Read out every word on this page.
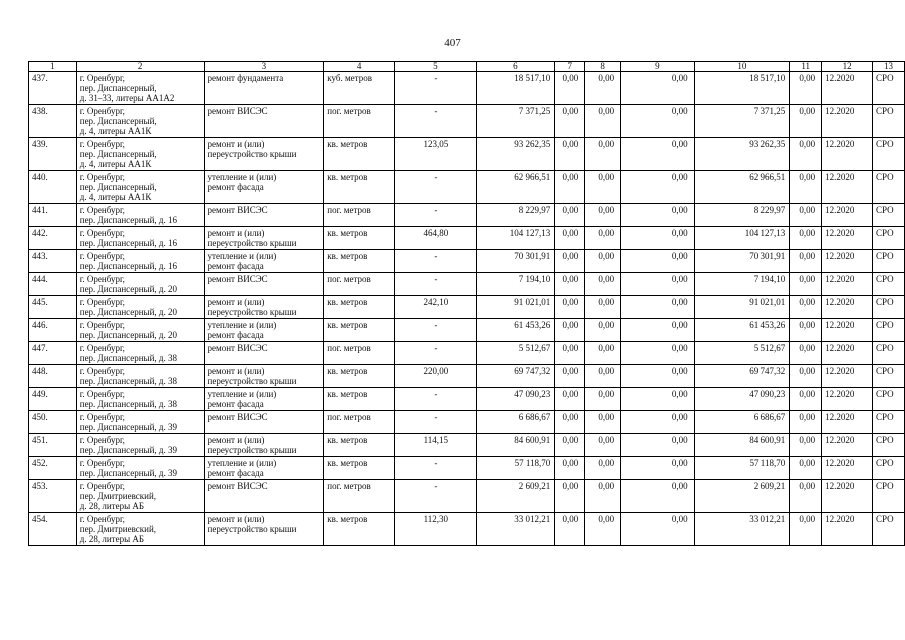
407
1	2	3	4	5	6	7	8	9	10	11	12	13
437.	г. Оренбург,
пер. Диспансерный,
д. 31–33, литеры АА1А2	ремонт фундамента	куб. метров	-	18 517,10	0,00	0,00	0,00	18 517,10	0,00	12.2020	СРО
438.	г. Оренбург,
пер. Диспансерный,
д. 4, литеры АА1К	ремонт ВИСЭС	пог. метров	-	7 371,25	0,00	0,00	0,00	7 371,25	0,00	12.2020	СРО
439.	г. Оренбург,
пер. Диспансерный,
д. 4, литеры АА1К	ремонт и (или)
переустройство крыши	кв. метров	123,05	93 262,35	0,00	0,00	0,00	93 262,35	0,00	12.2020	СРО
440.	г. Оренбург,
пер. Диспансерный,
д. 4, литеры АА1К	утепление и (или)
ремонт фасада	кв. метров	-	62 966,51	0,00	0,00	0,00	62 966,51	0,00	12.2020	СРО
441.	г. Оренбург,
пер. Диспансерный, д. 16	ремонт ВИСЭС	пог. метров	-	8 229,97	0,00	0,00	0,00	8 229,97	0,00	12.2020	СРО
442.	г. Оренбург,
пер. Диспансерный, д. 16	ремонт и (или)
переустройство крыши	кв. метров	464,80	104 127,13	0,00	0,00	0,00	104 127,13	0,00	12.2020	СРО
443.	г. Оренбург,
пер. Диспансерный, д. 16	утепление и (или)
ремонт фасада	кв. метров	-	70 301,91	0,00	0,00	0,00	70 301,91	0,00	12.2020	СРО
444.	г. Оренбург,
пер. Диспансерный, д. 20	ремонт ВИСЭС	пог. метров	-	7 194,10	0,00	0,00	0,00	7 194,10	0,00	12.2020	СРО
445.	г. Оренбург,
пер. Диспансерный, д. 20	ремонт и (или)
переустройство крыши	кв. метров	242,10	91 021,01	0,00	0,00	0,00	91 021,01	0,00	12.2020	СРО
446.	г. Оренбург,
пер. Диспансерный, д. 20	утепление и (или)
ремонт фасада	кв. метров	-	61 453,26	0,00	0,00	0,00	61 453,26	0,00	12.2020	СРО
447.	г. Оренбург,
пер. Диспансерный, д. 38	ремонт ВИСЭС	пог. метров	-	5 512,67	0,00	0,00	0,00	5 512,67	0,00	12.2020	СРО
448.	г. Оренбург,
пер. Диспансерный, д. 38	ремонт и (или)
переустройство крыши	кв. метров	220,00	69 747,32	0,00	0,00	0,00	69 747,32	0,00	12.2020	СРО
449.	г. Оренбург,
пер. Диспансерный, д. 38	утепление и (или)
ремонт фасада	кв. метров	-	47 090,23	0,00	0,00	0,00	47 090,23	0,00	12.2020	СРО
450.	г. Оренбург,
пер. Диспансерный, д. 39	ремонт ВИСЭС	пог. метров	-	6 686,67	0,00	0,00	0,00	6 686,67	0,00	12.2020	СРО
451.	г. Оренбург,
пер. Диспансерный, д. 39	ремонт и (или)
переустройство крыши	кв. метров	114,15	84 600,91	0,00	0,00	0,00	84 600,91	0,00	12.2020	СРО
452.	г. Оренбург,
пер. Диспансерный, д. 39	утепление и (или)
ремонт фасада	кв. метров	-	57 118,70	0,00	0,00	0,00	57 118,70	0,00	12.2020	СРО
453.	г. Оренбург,
пер. Дмитриевский,
д. 28, литеры АБ	ремонт ВИСЭС	пог. метров	-	2 609,21	0,00	0,00	0,00	2 609,21	0,00	12.2020	СРО
454.	г. Оренбург,
пер. Дмитриевский,
д. 28, литеры АБ	ремонт и (или)
переустройство крыши	кв. метров	112,30	33 012,21	0,00	0,00	0,00	33 012,21	0,00	12.2020	СРО
